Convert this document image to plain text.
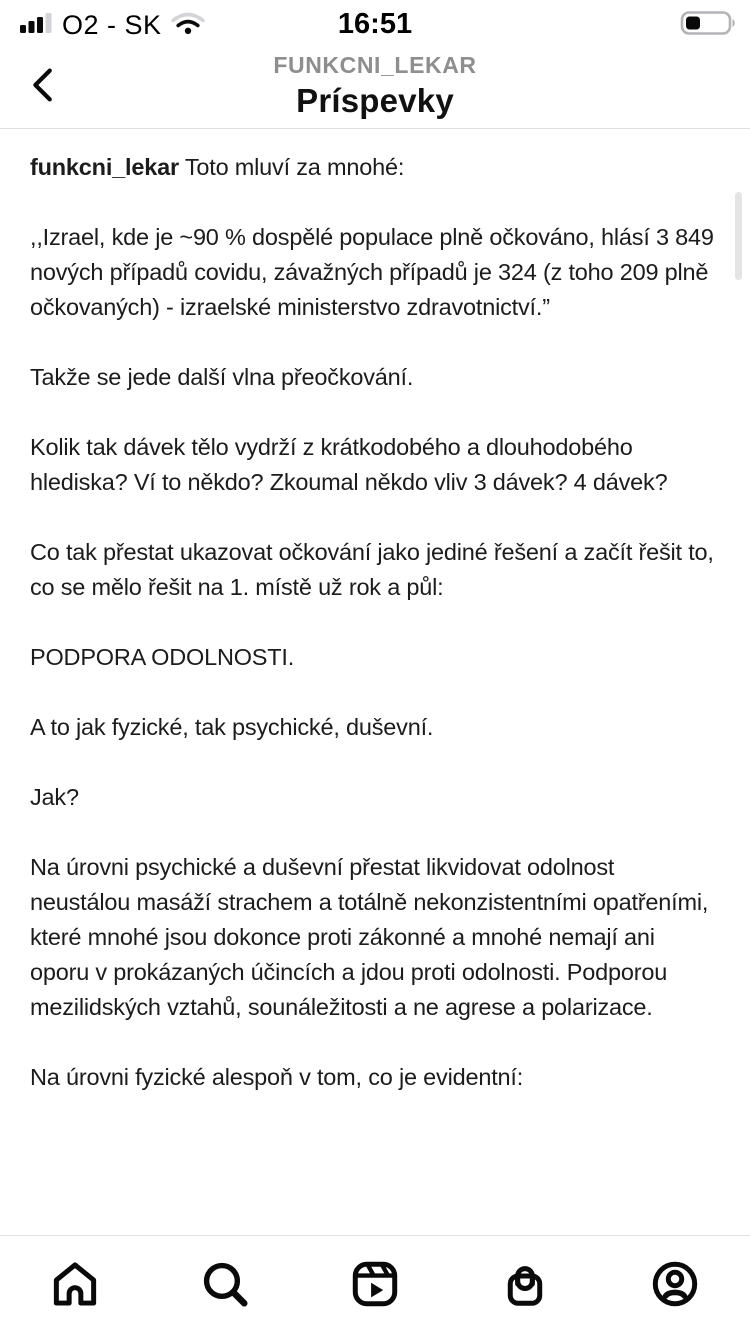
O2 - SK	16:51
FUNKCNI_LEKAR
Príspevky

funkcni_lekar Toto mluví za mnohé:

,,Izrael, kde je ~90 % dospělé populace plně očkováno, hlásí 3 849 nových případů covidu, závažných případů je 324 (z toho 209 plně očkovaných) - izraelské ministerstvo zdravotnictví.”

Takže se jede další vlna přeočkování.

Kolik tak dávek tělo vydrží z krátkodobého a dlouhodobého hlediska? Ví to někdo? Zkoumal někdo vliv 3 dávek? 4 dávek?

Co tak přestat ukazovat očkování jako jediné řešení a začít řešit to, co se mělo řešit na 1. místě už rok a půl:

PODPORA ODOLNOSTI.

A to jak fyzické, tak psychické, duševní.

Jak?

Na úrovni psychické a duševní přestat likvidovat odolnost neustálou masáží strachem a totálně nekonzistentními opatřeními, které mnohé jsou dokonce proti zákonné a mnohé nemají ani oporu v prokázaných účincích a jdou proti odolnosti. Podporou mezilidských vztahů, sounáležitosti a ne agrese a polarizace.

Na úrovni fyzické alespoň v tom, co je evidentní:
